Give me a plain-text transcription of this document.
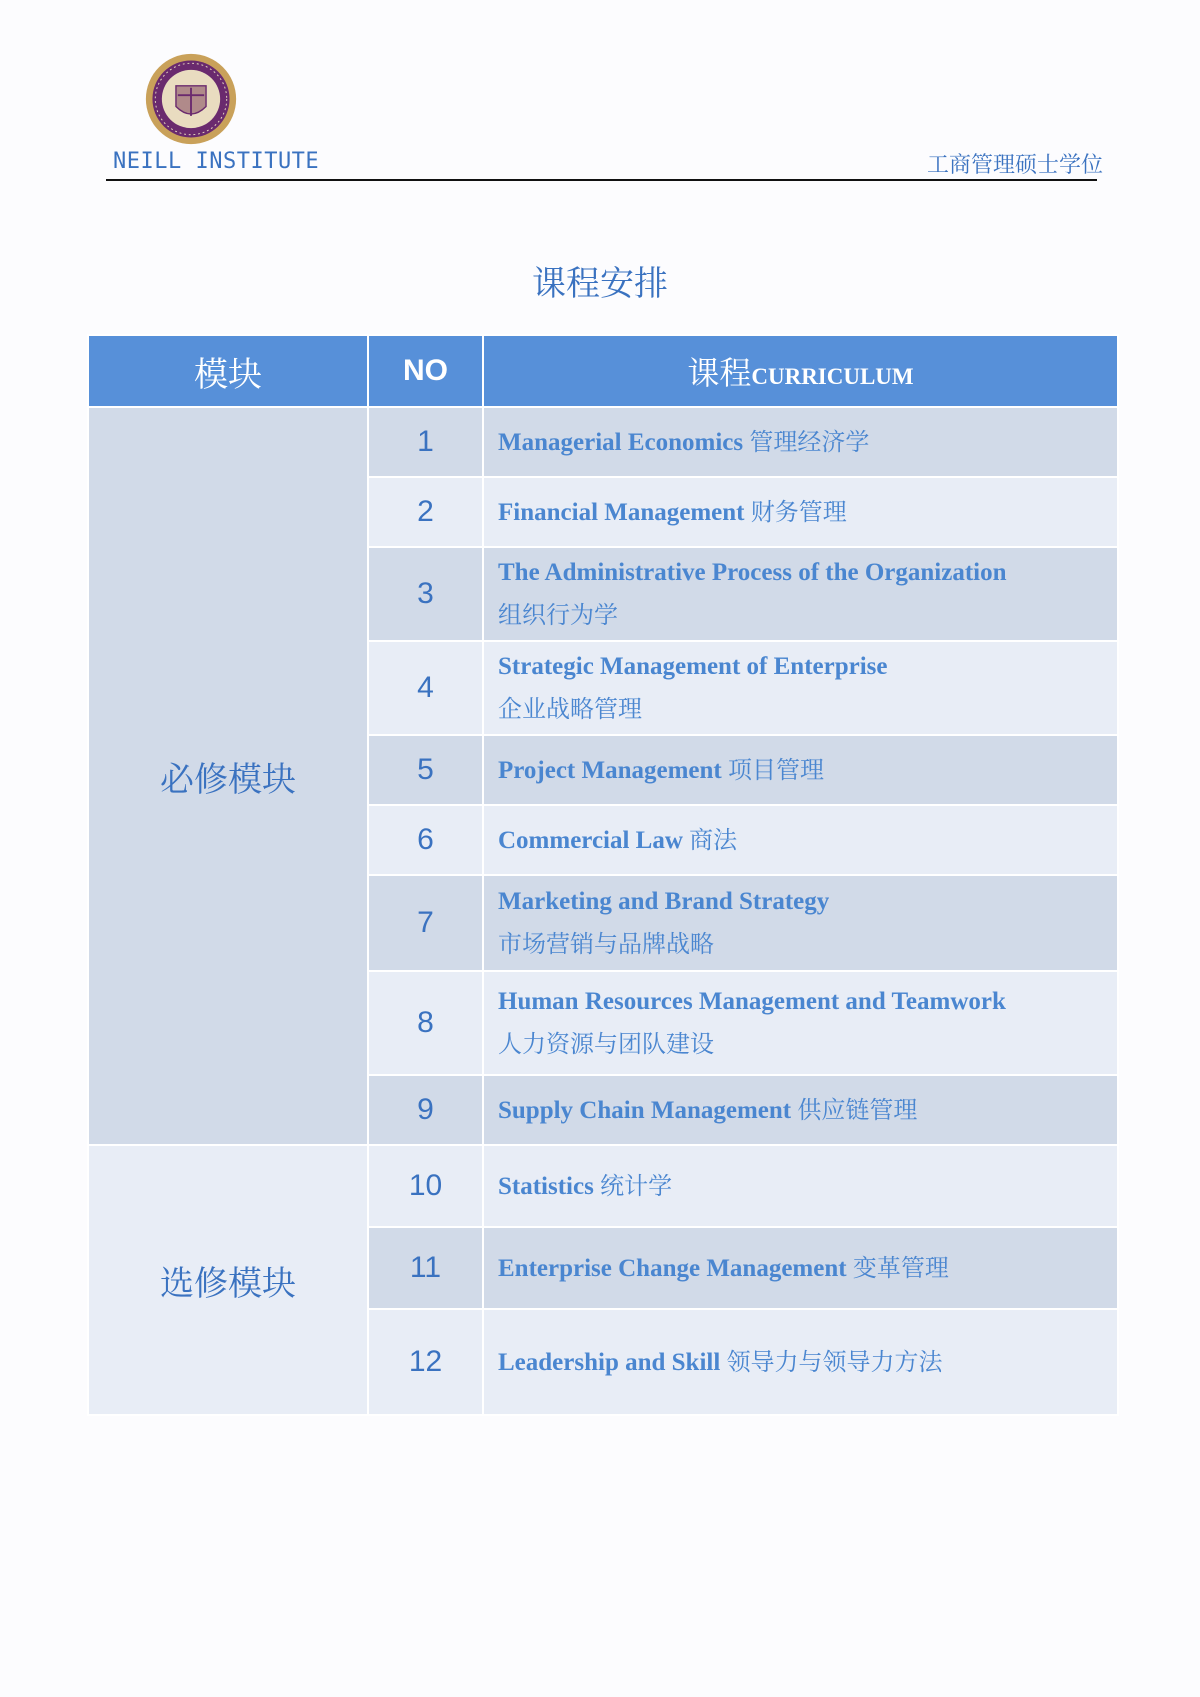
NEILL INSTITUTE	工商管理硕士学位
课程安排
模块	NO	课程CURRICULUM
必修模块	1	Managerial Economics 管理经济学
	2	Financial Management 财务管理
	3	The Administrative Process of the Organization
组织行为学

	4	Strategic Management of Enterprise
企业战略管理

	5	Project Management 项目管理
	6	Commercial Law 商法
	7	Marketing and Brand Strategy
市场营销与品牌战略

	8	Human Resources Management and Teamwork
人力资源与团队建设

	9	Supply Chain Management 供应链管理
选修模块	10	Statistics 统计学
	11	Enterprise Change Management 变革管理
	12	Leadership and Skill 领导力与领导力方法
